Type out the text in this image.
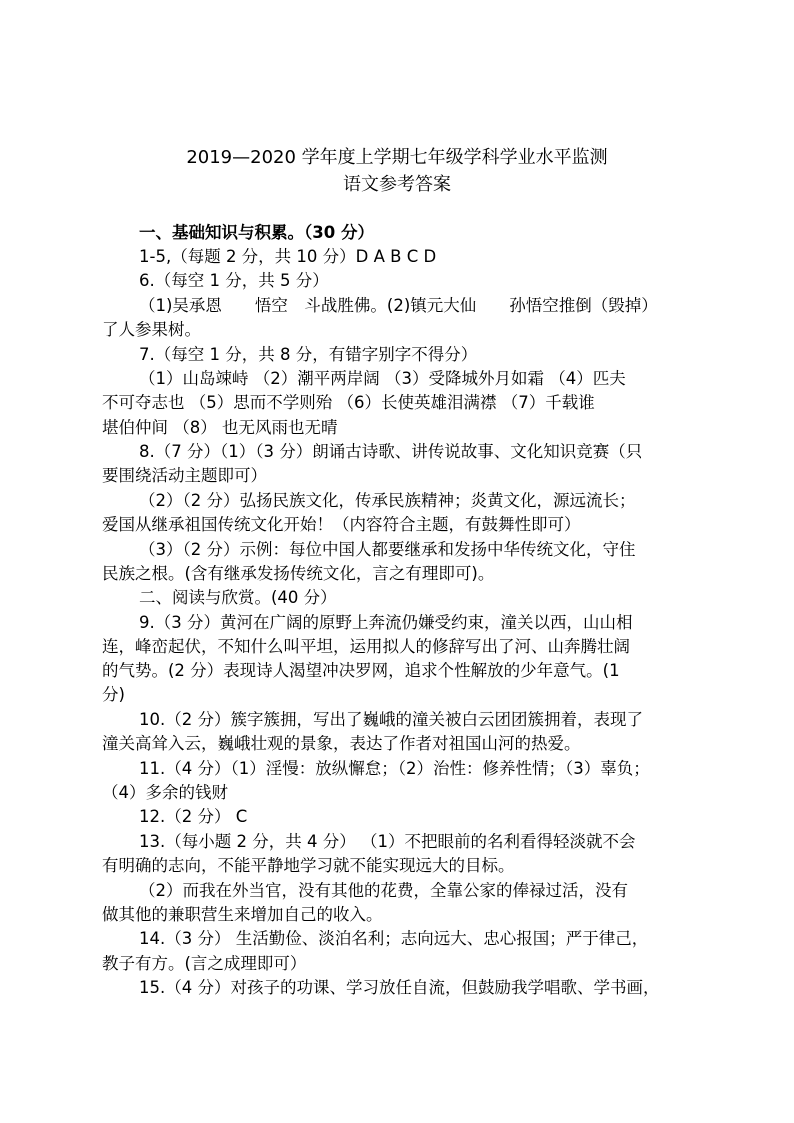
2019—2020 学年度上学期七年级学科学业水平监测
语文参考答案
一、基础知识与积累。（30 分）
1-5,（每题 2 分，共 10 分）D A B C D
6.（每空 1 分，共 5 分）
（1)吴承恩　　悟空　斗战胜佛。(2)镇元大仙　　孙悟空推倒（毁掉）
了人参果树。
7.（每空 1 分，共 8 分，有错字别字不得分）
（1）山岛竦峙 （2）潮平两岸阔 （3）受降城外月如霜 （4）匹夫
不可夺志也 （5）思而不学则殆 （6）长使英雄泪满襟 （7）千载谁
堪伯仲间 （8） 也无风雨也无晴
8.（7 分）（1）（3 分）朗诵古诗歌、讲传说故事、文化知识竞赛（只
要围绕活动主题即可）
（2）（2 分）弘扬民族文化，传承民族精神；炎黄文化，源远流长；
爱国从继承祖国传统文化开始！（内容符合主题，有鼓舞性即可）
（3）（2 分）示例：每位中国人都要继承和发扬中华传统文化，守住
民族之根。(含有继承发扬传统文化，言之有理即可)。
二、阅读与欣赏。(40 分）
9.（3 分）黄河在广阔的原野上奔流仍嫌受约束，潼关以西，山山相
连，峰峦起伏，不知什么叫平坦，运用拟人的修辞写出了河、山奔腾壮阔
的气势。(2 分）表现诗人渴望冲决罗网，追求个性解放的少年意气。(1
分)
10.（2 分）簇字簇拥，写出了巍峨的潼关被白云团团簇拥着，表现了
潼关高耸入云，巍峨壮观的景象，表达了作者对祖国山河的热爱。
11.（4 分）（1）淫慢：放纵懈怠；（2）治性：修养性情；（3）辜负；
（4）多余的钱财
12.（2 分） C
13.（每小题 2 分，共 4 分） （1）不把眼前的名利看得轻淡就不会
有明确的志向，不能平静地学习就不能实现远大的目标。
（2）而我在外当官，没有其他的花费，全靠公家的俸禄过活，没有
做其他的兼职营生来增加自己的收入。
14.（3 分） 生活勤俭、淡泊名利；志向远大、忠心报国；严于律己，
教子有方。(言之成理即可）
15.（4 分）对孩子的功课、学习放任自流，但鼓励我学唱歌、学书画，
